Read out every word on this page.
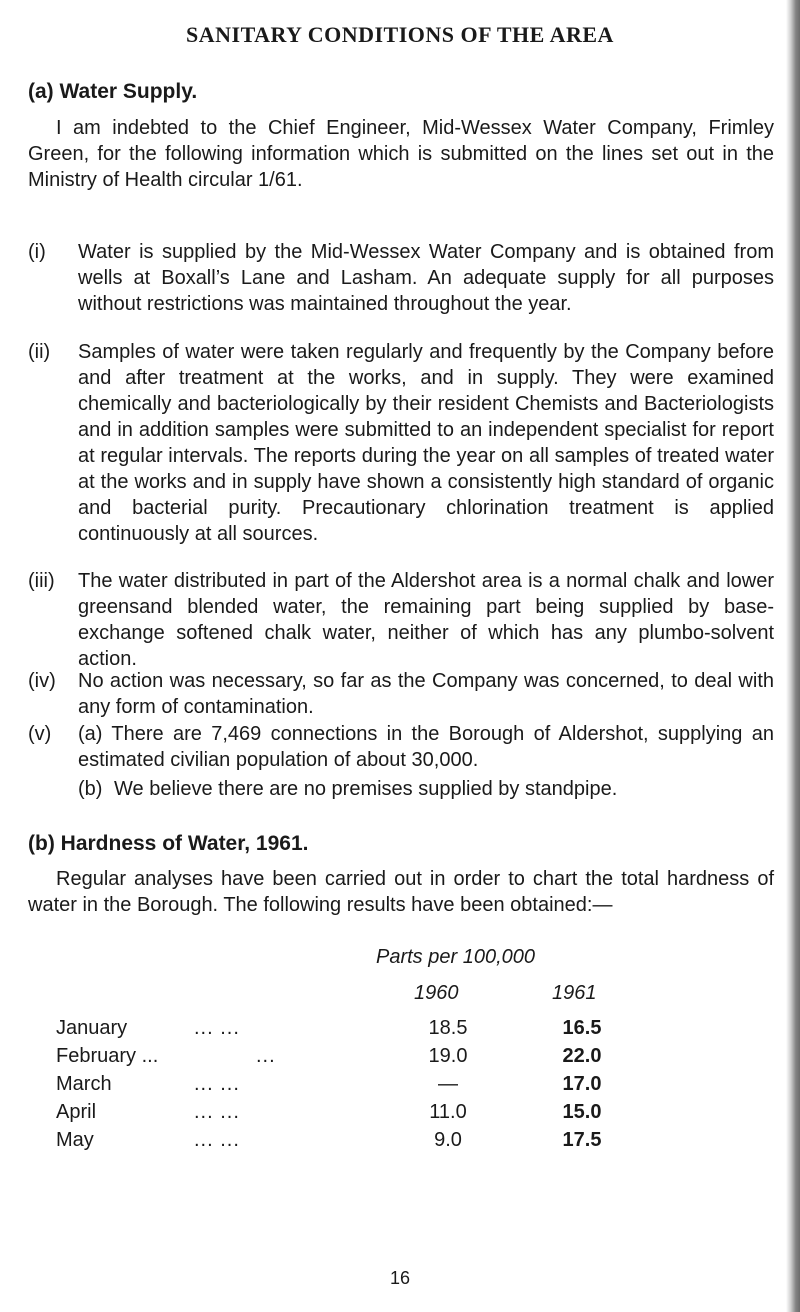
SANITARY CONDITIONS OF THE AREA
(a) Water Supply.
I am indebted to the Chief Engineer, Mid-Wessex Water Company, Frimley Green, for the following information which is submitted on the lines set out in the Ministry of Health circular 1/61.
(i)	Water is supplied by the Mid-Wessex Water Company and is obtained from wells at Boxall’s Lane and Lasham. An adequate supply for all purposes without restrictions was maintained throughout the year.
(ii)	Samples of water were taken regularly and frequently by the Company before and after treatment at the works, and in supply. They were examined chemically and bacteriologically by their resident Chemists and Bacteriologists and in addition samples were submitted to an independent specialist for report at regular intervals. The reports during the year on all samples of treated water at the works and in supply have shown a consistently high standard of organic and bacterial purity. Precautionary chlorination treatment is applied continuously at all sources.
(iii)	The water distributed in part of the Aldershot area is a normal chalk and lower greensand blended water, the remaining part being supplied by base-exchange softened chalk water, neither of which has any plumbo-solvent action.
(iv)	No action was necessary, so far as the Company was concerned, to deal with any form of contamination.
(v)	(a) There are 7,469 connections in the Borough of Aldershot, supplying an estimated civilian population of about 30,000.
(b) We believe there are no premises supplied by standpipe.
(b) Hardness of Water, 1961.
Regular analyses have been carried out in order to chart the total hardness of water in the Borough. The following results have been obtained:—
Parts per 100,000
1960	1961
January	... ...	18.5	16.5
February ...	...	19.0	22.0
March	... ...	—	17.0
April	... ...	11.0	15.0
May	... ...	9.0	17.5
16
